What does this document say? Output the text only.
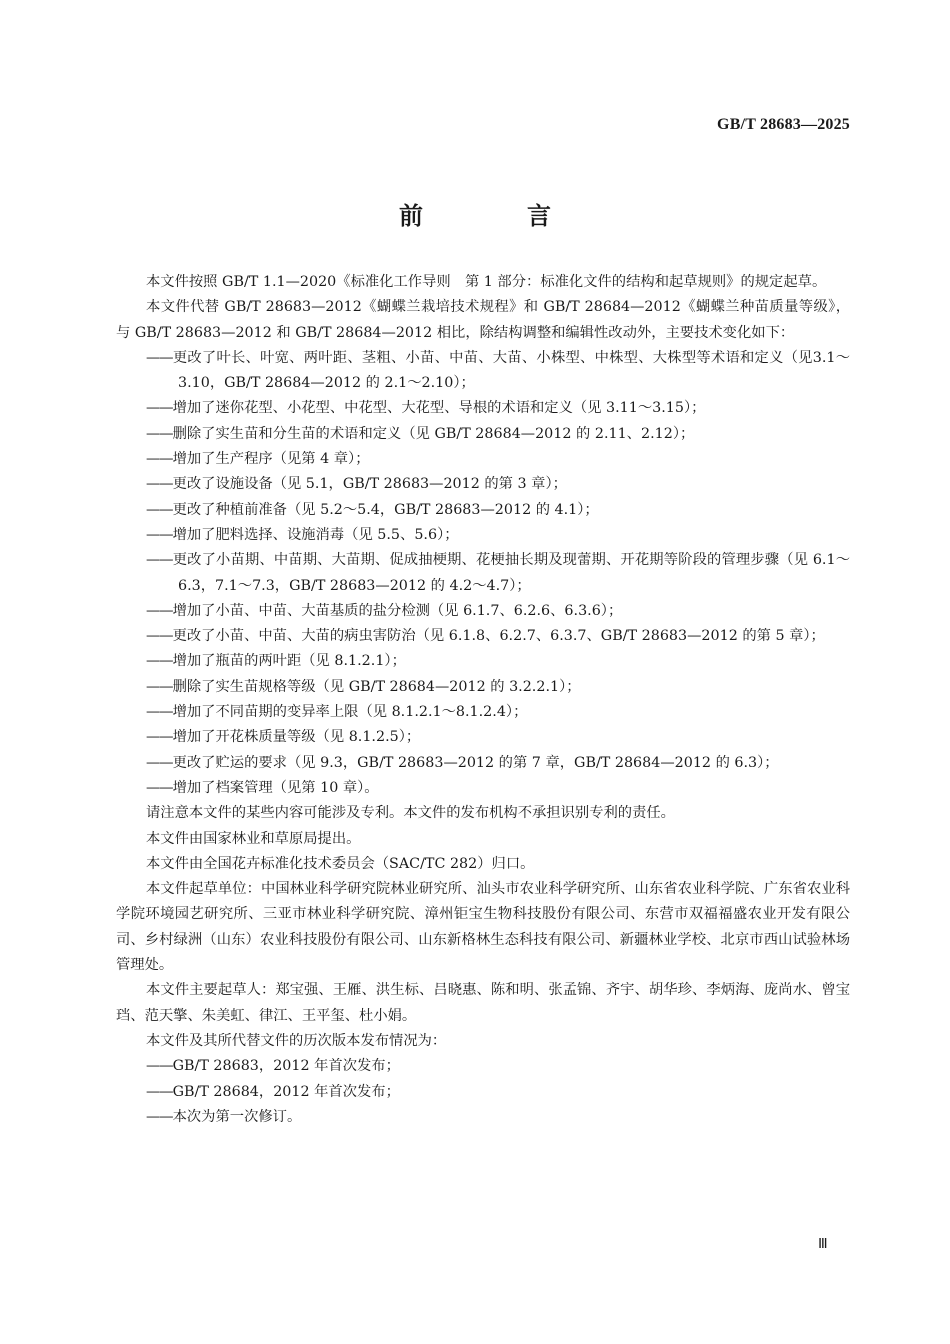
GB/T 28683—2025
前　言

本文件按照 GB/T 1.1—2020《标准化工作导则　第 1 部分：标准化文件的结构和起草规则》的规定起草。

本文件代替 GB/T 28683—2012《蝴蝶兰栽培技术规程》和 GB/T 28684—2012《蝴蝶兰种苗质量等级》，与 GB/T 28683—2012 和 GB/T 28684—2012 相比，除结构调整和编辑性改动外，主要技术变化如下：

——更改了叶长、叶宽、两叶距、茎粗、小苗、中苗、大苗、小株型、中株型、大株型等术语和定义（见3.1～3.10，GB/T 28684—2012 的 2.1～2.10）；

——增加了迷你花型、小花型、中花型、大花型、导根的术语和定义（见 3.11～3.15）；

——删除了实生苗和分生苗的术语和定义（见 GB/T 28684—2012 的 2.11、2.12）；

——增加了生产程序（见第 4 章）；

——更改了设施设备（见 5.1，GB/T 28683—2012 的第 3 章）；

——更改了种植前准备（见 5.2～5.4，GB/T 28683—2012 的 4.1）；

——增加了肥料选择、设施消毒（见 5.5、5.6）；

——更改了小苗期、中苗期、大苗期、促成抽梗期、花梗抽长期及现蕾期、开花期等阶段的管理步骤（见 6.1～6.3，7.1～7.3，GB/T 28683—2012 的 4.2～4.7）；

——增加了小苗、中苗、大苗基质的盐分检测（见 6.1.7、6.2.6、6.3.6）；

——更改了小苗、中苗、大苗的病虫害防治（见 6.1.8、6.2.7、6.3.7、GB/T 28683—2012 的第 5 章）；

——增加了瓶苗的两叶距（见 8.1.2.1）；

——删除了实生苗规格等级（见 GB/T 28684—2012 的 3.2.2.1）；

——增加了不同苗期的变异率上限（见 8.1.2.1～8.1.2.4）；

——增加了开花株质量等级（见 8.1.2.5）；

——更改了贮运的要求（见 9.3，GB/T 28683—2012 的第 7 章，GB/T 28684—2012 的 6.3）；

——增加了档案管理（见第 10 章）。

请注意本文件的某些内容可能涉及专利。本文件的发布机构不承担识别专利的责任。

本文件由国家林业和草原局提出。

本文件由全国花卉标准化技术委员会（SAC/TC 282）归口。

本文件起草单位：中国林业科学研究院林业研究所、汕头市农业科学研究所、山东省农业科学院、广东省农业科学院环境园艺研究所、三亚市林业科学研究院、漳州钜宝生物科技股份有限公司、东营市双福福盛农业开发有限公司、乡村绿洲（山东）农业科技股份有限公司、山东新格林生态科技有限公司、新疆林业学校、北京市西山试验林场管理处。

本文件主要起草人：郑宝强、王雁、洪生标、吕晓惠、陈和明、张孟锦、齐宇、胡华珍、李炳海、庞尚水、曾宝珰、范天擎、朱美虹、律江、王平玺、杜小娟。

本文件及其所代替文件的历次版本发布情况为：

——GB/T 28683，2012 年首次发布；

——GB/T 28684，2012 年首次发布；

——本次为第一次修订。

Ⅲ
